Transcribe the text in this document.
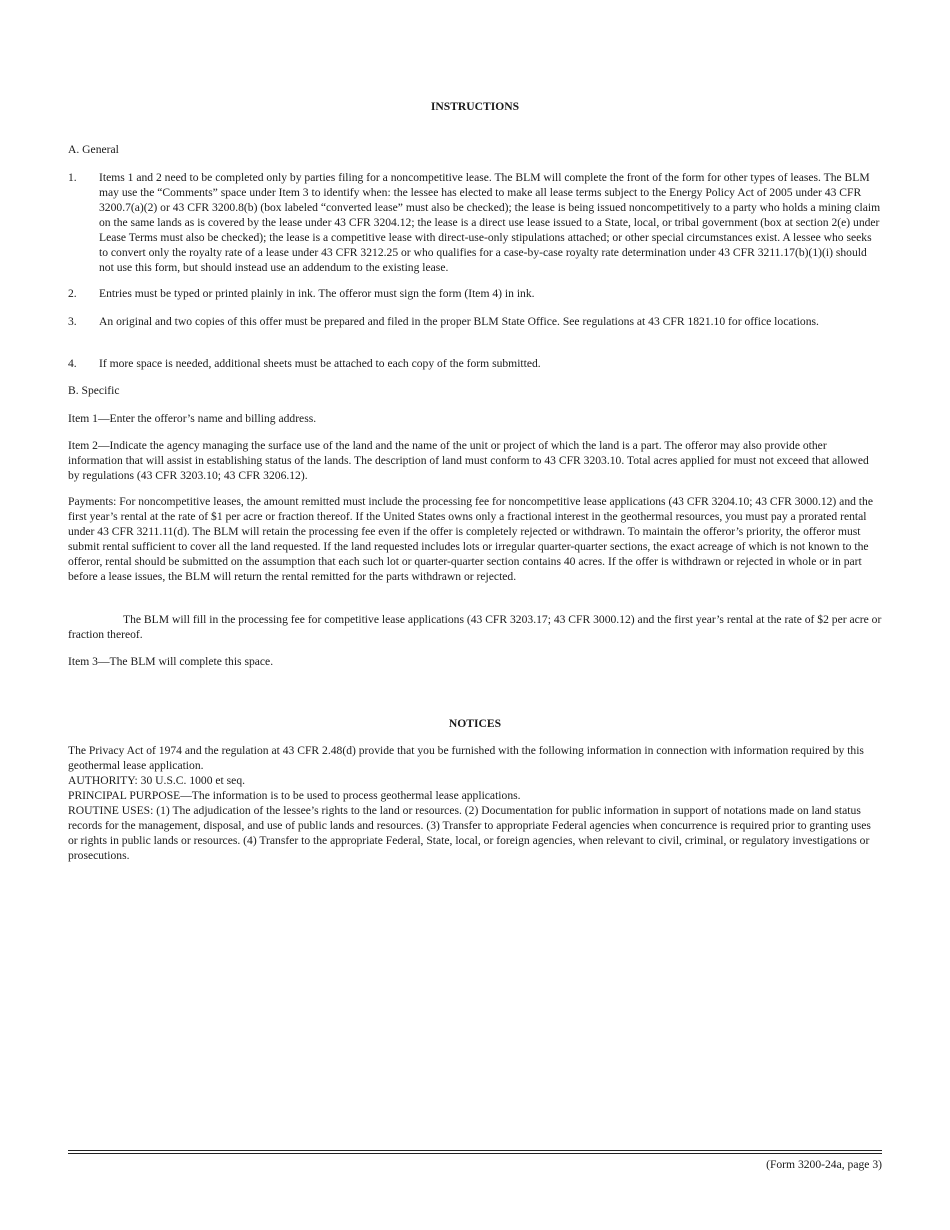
INSTRUCTIONS

A. General

1. Items 1 and 2 need to be completed only by parties filing for a noncompetitive lease. The BLM will complete the front of the form for other types of leases. The BLM may use the “Comments” space under Item 3 to identify when: the lessee has elected to make all lease terms subject to the Energy Policy Act of 2005 under 43 CFR 3200.7(a)(2) or 43 CFR 3200.8(b) (box labeled “converted lease” must also be checked); the lease is being issued noncompetitively to a party who holds a mining claim on the same lands as is covered by the lease under 43 CFR 3204.12; the lease is a direct use lease issued to a State, local, or tribal government (box at section 2(e) under Lease Terms must also be checked); the lease is a competitive lease with direct-use-only stipulations attached; or other special circumstances exist. A lessee who seeks to convert only the royalty rate of a lease under 43 CFR 3212.25 or who qualifies for a case-by-case royalty rate determination under 43 CFR 3211.17(b)(1)(i) should not use this form, but should instead use an addendum to the existing lease.
2. Entries must be typed or printed plainly in ink. The offeror must sign the form (Item 4) in ink.
3. An original and two copies of this offer must be prepared and filed in the proper BLM State Office. See regulations at 43 CFR 1821.10 for office locations.
4. If more space is needed, additional sheets must be attached to each copy of the form submitted.

B. Specific

Item 1—Enter the offeror’s name and billing address.

Item 2—Indicate the agency managing the surface use of the land and the name of the unit or project of which the land is a part. The offeror may also provide other information that will assist in establishing status of the lands. The description of land must conform to 43 CFR 3203.10. Total acres applied for must not exceed that allowed by regulations (43 CFR 3203.10; 43 CFR 3206.12).

Payments: For noncompetitive leases, the amount remitted must include the processing fee for noncompetitive lease applications (43 CFR 3204.10; 43 CFR 3000.12) and the first year’s rental at the rate of $1 per acre or fraction thereof. If the United States owns only a fractional interest in the geothermal resources, you must pay a prorated rental under 43 CFR 3211.11(d). The BLM will retain the processing fee even if the offer is completely rejected or withdrawn. To maintain the offeror’s priority, the offeror must submit rental sufficient to cover all the land requested. If the land requested includes lots or irregular quarter-quarter sections, the exact acreage of which is not known to the offeror, rental should be submitted on the assumption that each such lot or quarter-quarter section contains 40 acres. If the offer is withdrawn or rejected in whole or in part before a lease issues, the BLM will return the rental remitted for the parts withdrawn or rejected.

The BLM will fill in the processing fee for competitive lease applications (43 CFR 3203.17; 43 CFR 3000.12) and the first year’s rental at the rate of $2 per acre or fraction thereof.

Item 3—The BLM will complete this space.

NOTICES

The Privacy Act of 1974 and the regulation at 43 CFR 2.48(d) provide that you be furnished with the following information in connection with information required by this geothermal lease application.

AUTHORITY: 30 U.S.C. 1000 et seq.

PRINCIPAL PURPOSE—The information is to be used to process geothermal lease applications.

ROUTINE USES: (1) The adjudication of the lessee’s rights to the land or resources. (2) Documentation for public information in support of notations made on land status records for the management, disposal, and use of public lands and resources. (3) Transfer to appropriate Federal agencies when concurrence is required prior to granting uses or rights in public lands or resources. (4) Transfer to the appropriate Federal, State, local, or foreign agencies, when relevant to civil, criminal, or regulatory investigations or prosecutions.

(Form 3200-24a, page 3)
